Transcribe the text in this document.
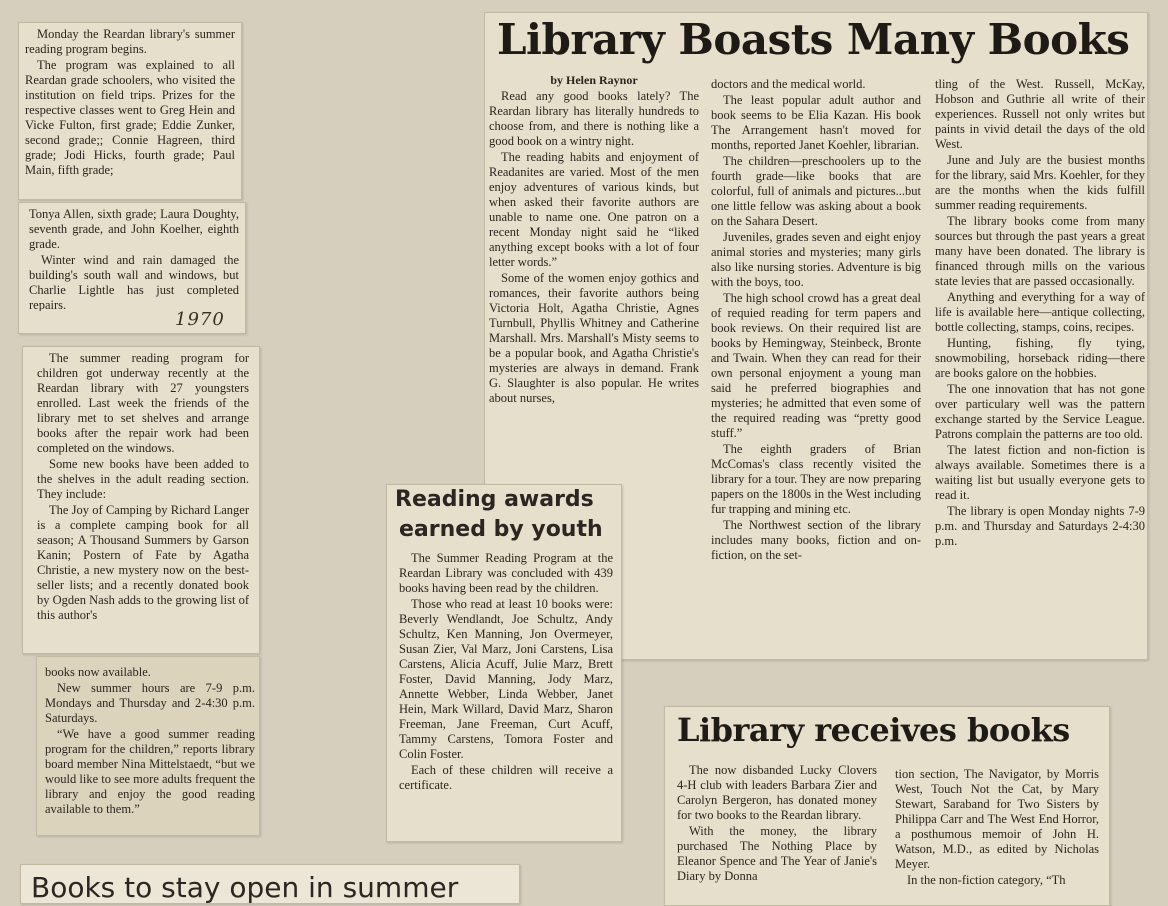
Monday the Reardan library's summer reading program begins.

The program was explained to all Reardan grade schoolers, who visited the institution on field trips. Prizes for the respective classes went to Greg Hein and Vicke Fulton, first grade; Eddie Zunker, second grade;; Connie Hagreen, third grade; Jodi Hicks, fourth grade; Paul Main, fifth grade;

Tonya Allen, sixth grade; Laura Doughty, seventh grade, and John Koelher, eighth grade.

Winter wind and rain damaged the building's south wall and windows, but Charlie Lightle has just completed repairs.

1970

The summer reading program for children got underway recently at the Reardan library with 27 youngsters enrolled. Last week the friends of the library met to set shelves and arrange books after the repair work had been completed on the windows.

Some new books have been added to the shelves in the adult reading section. They include:

The Joy of Camping by Richard Langer is a complete camping book for all season; A Thousand Summers by Garson Kanin; Postern of Fate by Agatha Christie, a new mystery now on the best-seller lists; and a recently donated book by Ogden Nash adds to the growing list of this author's

books now available.

New summer hours are 7-9 p.m. Mondays and Thursday and 2-4:30 p.m. Saturdays.

“We have a good summer reading program for the children,” reports library board member Nina Mittelstaedt, “but we would like to see more adults frequent the library and enjoy the good reading available to them.”

Books to stay open in summer
Library Boasts Many Books

by Helen Raynor

Read any good books lately? The Reardan library has literally hundreds to choose from, and there is nothing like a good book on a wintry night.

The reading habits and enjoyment of Readanites are varied. Most of the men enjoy adventures of various kinds, but when asked their favorite authors are unable to name one. One patron on a recent Monday night said he “liked anything except books with a lot of four letter words.”

Some of the women enjoy gothics and romances, their favorite authors being Victoria Holt, Agatha Christie, Agnes Turnbull, Phyllis Whitney and Catherine Marshall. Mrs. Marshall's Misty seems to be a popular book, and Agatha Christie's mysteries are always in demand. Frank G. Slaughter is also popular. He writes about nurses,

doctors and the medical world.

The least popular adult author and book seems to be Elia Kazan. His book The Arrangement hasn't moved for months, reported Janet Koehler, librarian.

The children—preschoolers up to the fourth grade—like books that are colorful, full of animals and pictures...but one little fellow was asking about a book on the Sahara Desert.

Juveniles, grades seven and eight enjoy animal stories and mysteries; many girls also like nursing stories. Adventure is big with the boys, too.

The high school crowd has a great deal of requied reading for term papers and book reviews. On their required list are books by Hemingway, Steinbeck, Bronte and Twain. When they can read for their own personal enjoyment a young man said he preferred biographies and mysteries; he admitted that even some of the required reading was “pretty good stuff.”

The eighth graders of Brian McComas's class recently visited the library for a tour. They are now preparing papers on the 1800s in the West including fur trapping and mining etc.

The Northwest section of the library includes many books, fiction and on-fiction, on the set-

tling of the West. Russell, McKay, Hobson and Guthrie all write of their experiences. Russell not only writes but paints in vivid detail the days of the old West.

June and July are the busiest months for the library, said Mrs. Koehler, for they are the months when the kids fulfill summer reading requirements.

The library books come from many sources but through the past years a great many have been donated. The library is financed through mills on the various state levies that are passed occasionally.

Anything and everything for a way of life is available here—antique collecting, bottle collecting, stamps, coins, recipes.

Hunting, fishing, fly tying, snowmobiling, horseback riding—there are books galore on the hobbies.

The one innovation that has not gone over particulary well was the pattern exchange started by the Service League. Patrons complain the patterns are too old.

The latest fiction and non-fiction is always available. Sometimes there is a waiting list but usually everyone gets to read it.

The library is open Monday nights 7-9 p.m. and Thursday and Saturdays 2-4:30 p.m.

Reading awards
earned by youth

The Summer Reading Program at the Reardan Library was concluded with 439 books having been read by the children.

Those who read at least 10 books were: Beverly Wendlandt, Joe Schultz, Andy Schultz, Ken Manning, Jon Overmeyer, Susan Zier, Val Marz, Joni Carstens, Lisa Carstens, Alicia Acuff, Julie Marz, Brett Foster, David Manning, Jody Marz, Annette Webber, Linda Webber, Janet Hein, Mark Willard, David Marz, Sharon Freeman, Jane Freeman, Curt Acuff, Tammy Carstens, Tomora Foster and Colin Foster.

Each of these children will receive a certificate.

Library receives books

The now disbanded Lucky Clovers 4-H club with leaders Barbara Zier and Carolyn Bergeron, has donated money for two books to the Reardan library.

With the money, the library purchased The Nothing Place by Eleanor Spence and The Year of Janie's Diary by Donna

tion section, The Navigator, by Morris West, Touch Not the Cat, by Mary Stewart, Saraband for Two Sisters by Philippa Carr and The West End Horror, a posthumous memoir of John H. Watson, M.D., as edited by Nicholas Meyer.

In the non-fiction category, “Th
